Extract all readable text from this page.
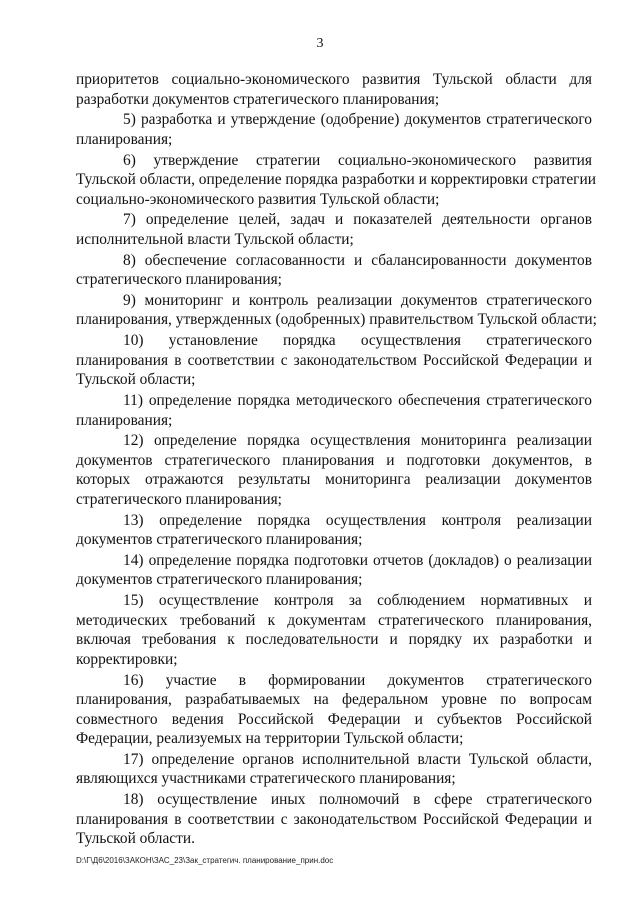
3
приоритетов социально-экономического развития Тульской области для
разработки документов стратегического планирования;
5) разработка и утверждение (одобрение) документов стратегического
планирования;
6) утверждение стратегии социально-экономического развития
Тульской области, определение порядка разработки и корректировки стратегии
социально-экономического развития Тульской области;
7) определение целей, задач и показателей деятельности органов
исполнительной власти Тульской области;
8) обеспечение согласованности и сбалансированности документов
стратегического планирования;
9) мониторинг и контроль реализации документов стратегического
планирования, утвержденных (одобренных) правительством Тульской области;
10) установление порядка осуществления стратегического
планирования в соответствии с законодательством Российской Федерации и
Тульской области;
11) определение порядка методического обеспечения стратегического
планирования;
12) определение порядка осуществления мониторинга реализации
документов стратегического планирования и подготовки документов, в
которых отражаются результаты мониторинга реализации документов
стратегического планирования;
13) определение порядка осуществления контроля реализации
документов стратегического планирования;
14) определение порядка подготовки отчетов (докладов) о реализации
документов стратегического планирования;
15) осуществление контроля за соблюдением нормативных и
методических требований к документам стратегического планирования,
включая требования к последовательности и порядку их разработки и
корректировки;
16) участие в формировании документов стратегического
планирования, разрабатываемых на федеральном уровне по вопросам
совместного ведения Российской Федерации и субъектов Российской
Федерации, реализуемых на территории Тульской области;
17) определение органов исполнительной власти Тульской области,
являющихся участниками стратегического планирования;
18) осуществление иных полномочий в сфере стратегического
планирования в соответствии с законодательством Российской Федерации и
Тульской области.
D:\Г\Д6\2016\ЗАКОН\ЗАС_23\Зак_стратегич. планирование_прин.doc
